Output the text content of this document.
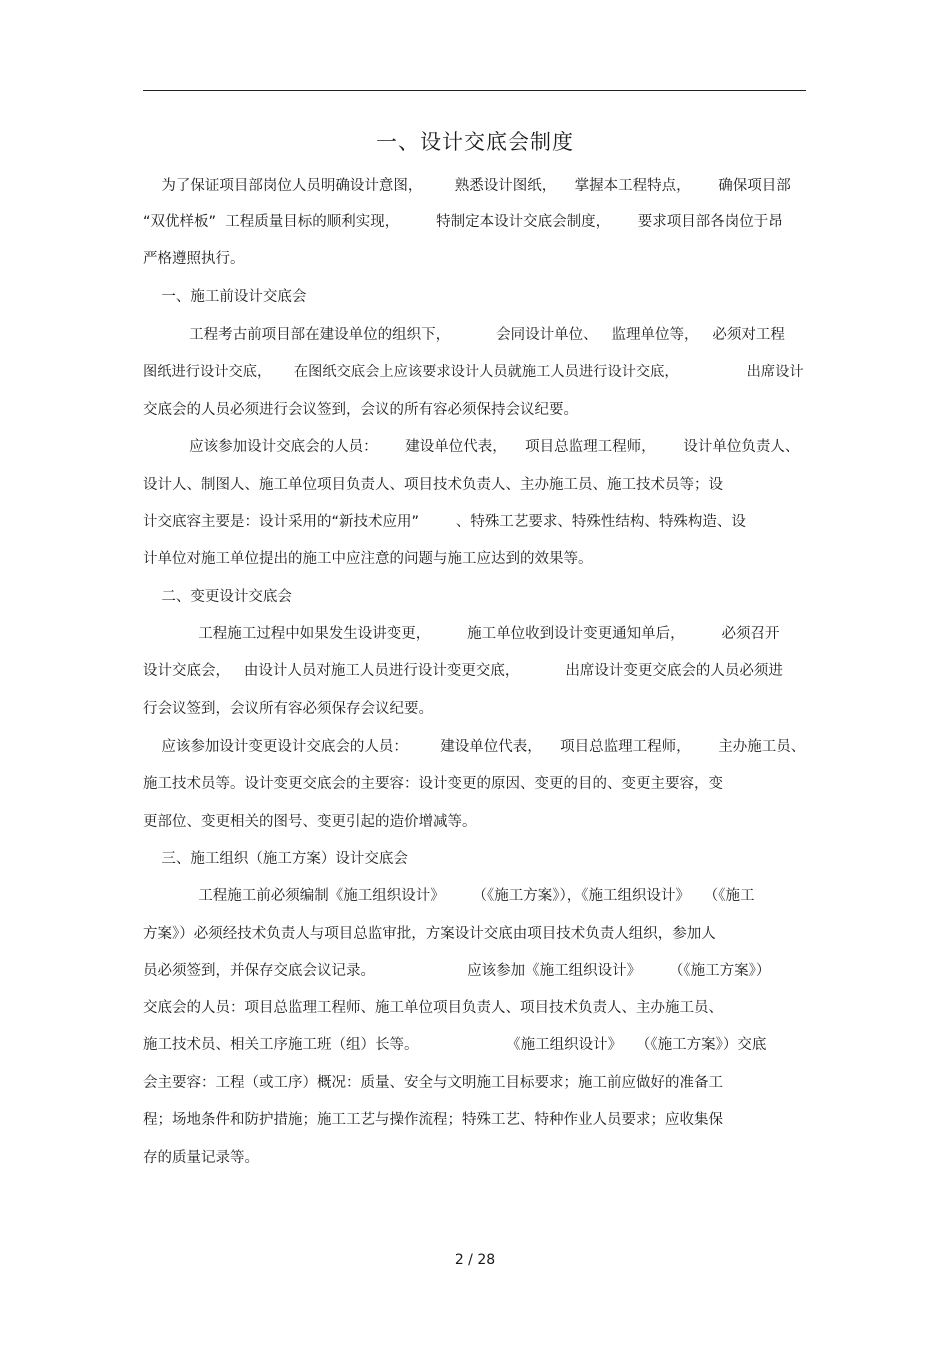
一、设计交底会制度
为了保证项目部岗位人员明确设计意图，       熟悉设计图纸，    掌握本工程特点，      确保项目部
“双优样板”  工程质量目标的顺利实现，        特制定本设计交底会制度，      要求项目部各岗位于昂
严格遵照执行。
一、施工前设计交底会
工程考古前项目部在建设单位的组织下，          会同设计单位、   监理单位等，   必须对工程
图纸进行设计交底，     在图纸交底会上应该要求设计人员就施工人员进行设计交底，               出席设计
交底会的人员必须进行会议签到，会议的所有容必须保持会议纪要。
应该参加设计交底会的人员：      建设单位代表，    项目总监理工程师，      设计单位负责人、
设计人、制图人、施工单位项目负责人、项目技术负责人、主办施工员、施工技术员等；设
计交底容主要是：设计采用的“新技术应用”        、特殊工艺要求、特殊性结构、特殊构造、设
计单位对施工单位提出的施工中应注意的问题与施工应达到的效果等。
二、变更设计交底会
工程施工过程中如果发生设讲变更，        施工单位收到设计变更通知单后，        必须召开
设计交底会，   由设计人员对施工人员进行设计变更交底，          出席设计变更交底会的人员必须进
行会议签到，会议所有容必须保存会议纪要。
应该参加设计变更设计交底会的人员：       建设单位代表，    项目总监理工程师，      主办施工员、
施工技术员等。设计变更交底会的主要容：设计变更的原因、变更的目的、变更主要容，变
更部位、变更相关的图号、变更引起的造价增减等。
三、施工组织（施工方案）设计交底会
工程施工前必须编制《施工组织设计》      （《施工方案》），《施工组织设计》   （《施工
方案》）必须经技术负责人与项目总监审批，方案设计交底由项目技术负责人组织，参加人
员必须签到，并保存交底会议记录。                    应该参加《施工组织设计》      （《施工方案》）
交底会的人员：项目总监理工程师、施工单位项目负责人、项目技术负责人、主办施工员、
施工技术员、相关工序施工班（组）长等。                   《施工组织设计》   （《施工方案》）交底
会主要容：工程（或工序）概况：质量、安全与文明施工目标要求；施工前应做好的准备工
程；场地条件和防护措施；施工工艺与操作流程；特殊工艺、特种作业人员要求；应收集保
存的质量记录等。
2 / 28
